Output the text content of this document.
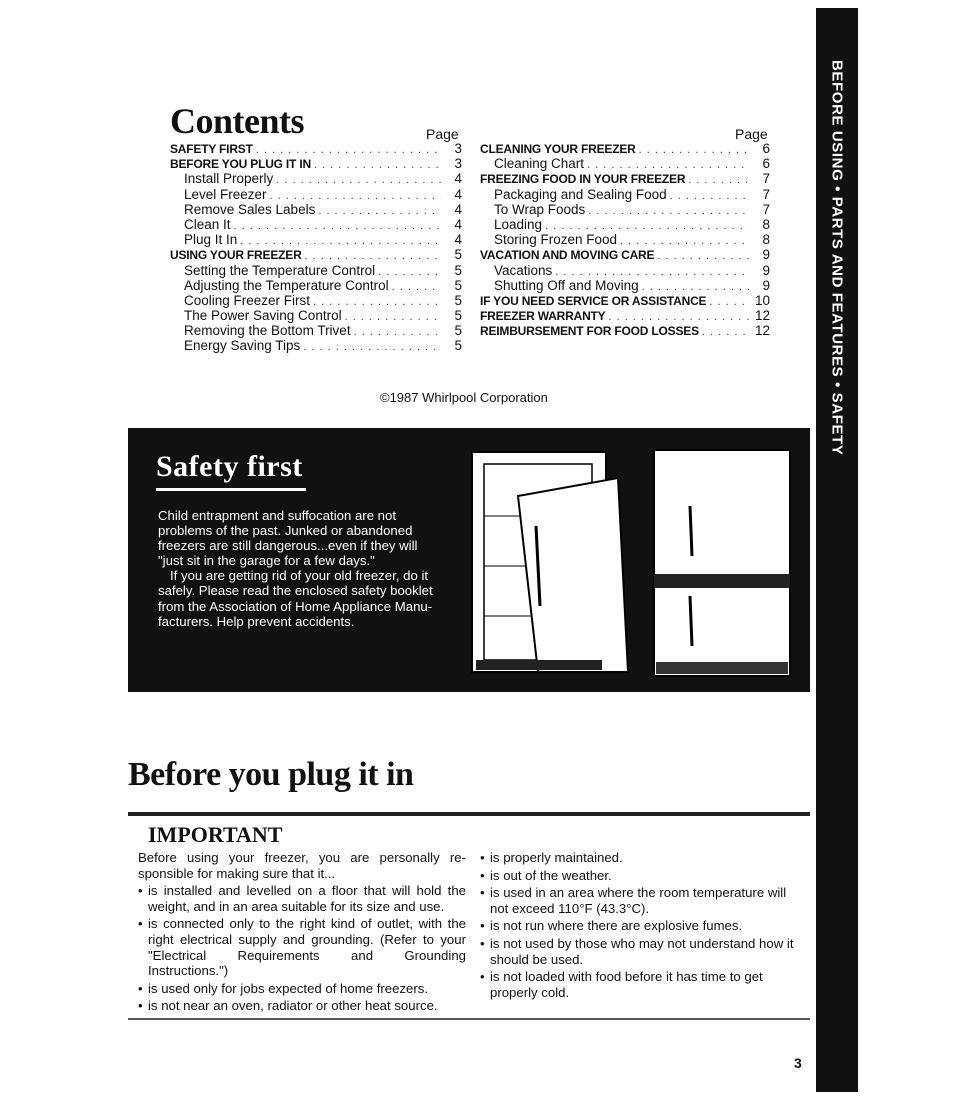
BEFORE USING • PARTS AND FEATURES • SAFETY
Contents	Page	Page
SAFETY FIRST . . .	3
BEFORE YOU PLUG IT IN . . .	3
Install Properly . . .	4
Level Freezer . . .	4
Remove Sales Labels . . .	4
Clean It . . .	4
Plug It In . . .	4
USING YOUR FREEZER . . .	5
Setting the Temperature Control . . .	5
Adjusting the Temperature Control . . .	5
Cooling Freezer First . . .	5
The Power Saving Control . . .	5
Removing the Bottom Trivet . . .	5
Energy Saving Tips . . .	5
CLEANING YOUR FREEZER . . .	6
Cleaning Chart . . .	6
FREEZING FOOD IN YOUR FREEZER . . .	7
Packaging and Sealing Food . . .	7
To Wrap Foods . . .	7
Loading . . .	8
Storing Frozen Food . . .	8
VACATION AND MOVING CARE . . .	9
Vacations . . .	9
Shutting Off and Moving . . .	9
IF YOU NEED SERVICE OR ASSISTANCE . . .	10
FREEZER WARRANTY . . .	12
REIMBURSEMENT FOR FOOD LOSSES . . .	12
©1987 Whirlpool Corporation
Safety first

Child entrapment and suffocation are not problems of the past. Junked or abandoned freezers are still dangerous...even if they will "just sit in the garage for a few days."

If you are getting rid of your old freezer, do it safely. Please read the enclosed safety booklet from the Association of Home Appliance Manufacturers. Help prevent accidents.

Before you plug it in
IMPORTANT

Before using your freezer, you are personally responsible for making sure that it...

• is installed and levelled on a floor that will hold the weight, and in an area suitable for its size and use.
• is connected only to the right kind of outlet, with the right electrical supply and grounding. (Refer to your "Electrical Requirements and Grounding Instructions.")
• is used only for jobs expected of home freezers.
• is not near an oven, radiator or other heat source.
• is properly maintained.
• is out of the weather.
• is used in an area where the room temperature will not exceed 110°F (43.3°C).
• is not run where there are explosive fumes.
• is not used by those who may not understand how it should be used.
• is not loaded with food before it has time to get properly cold.
3
